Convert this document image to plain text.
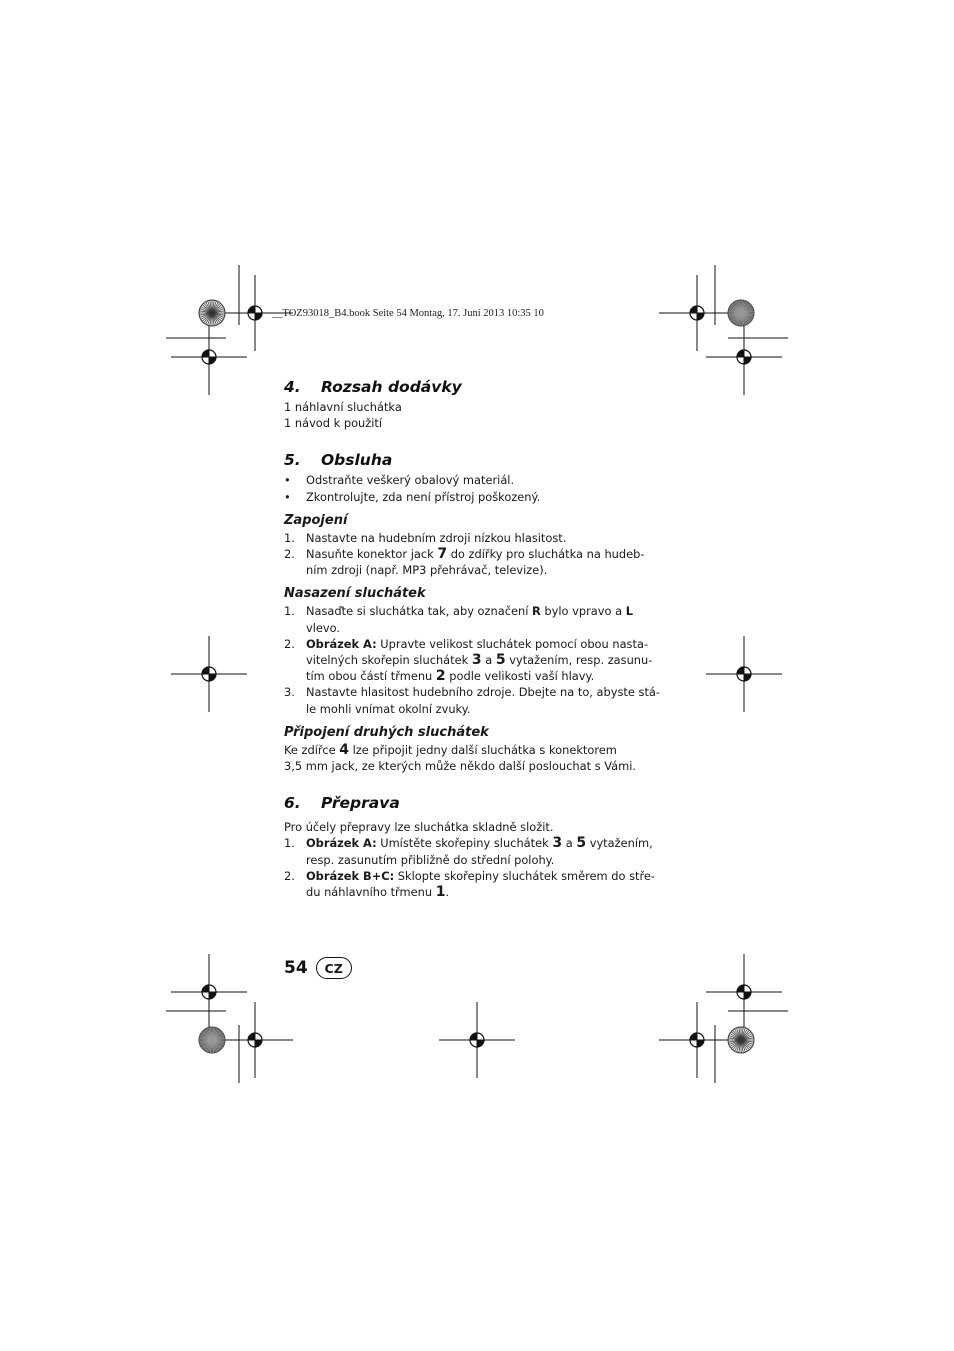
__TOZ93018_B4.book Seite 54 Montag, 17. Juni 2013 10:35 10
4. Rozsah dodávky
1 náhlavní sluchátka
1 návod k použití
5. Obsluha
•	Odstraňte veškerý obalový materiál.
•	Zkontrolujte, zda není přístroj poškozený.
Zapojení
1. Nastavte na hudebním zdroji nízkou hlasitost.
2. Nasuňte konektor jack 7 do zdířky pro sluchátka na hudeb-
ním zdroji (např. MP3 přehrávač, televize).
Nasazení sluchátek
1. Nasaďte si sluchátka tak, aby označení R bylo vpravo a L
vlevo.
2. Obrázek A: Upravte velikost sluchátek pomocí obou nasta-
vitelných skořepin sluchátek 3 a 5 vytažením, resp. zasunu-
tím obou částí třmenu 2 podle velikosti vaší hlavy.
3. Nastavte hlasitost hudebního zdroje. Dbejte na to, abyste stá-
le mohli vnímat okolní zvuky.
Připojení druhých sluchátek
Ke zdířce 4 lze připojit jedny další sluchátka s konektorem
3,5 mm jack, ze kterých může někdo další poslouchat s Vámi.
6. Přeprava
Pro účely přepravy lze sluchátka skladně složit.
1. Obrázek A: Umístěte skořepiny sluchátek 3 a 5 vytažením,
resp. zasunutím přibližně do střední polohy.
2. Obrázek B+C: Sklopte skořepiny sluchátek směrem do stře-
du náhlavního třmenu 1.
54 CZ
